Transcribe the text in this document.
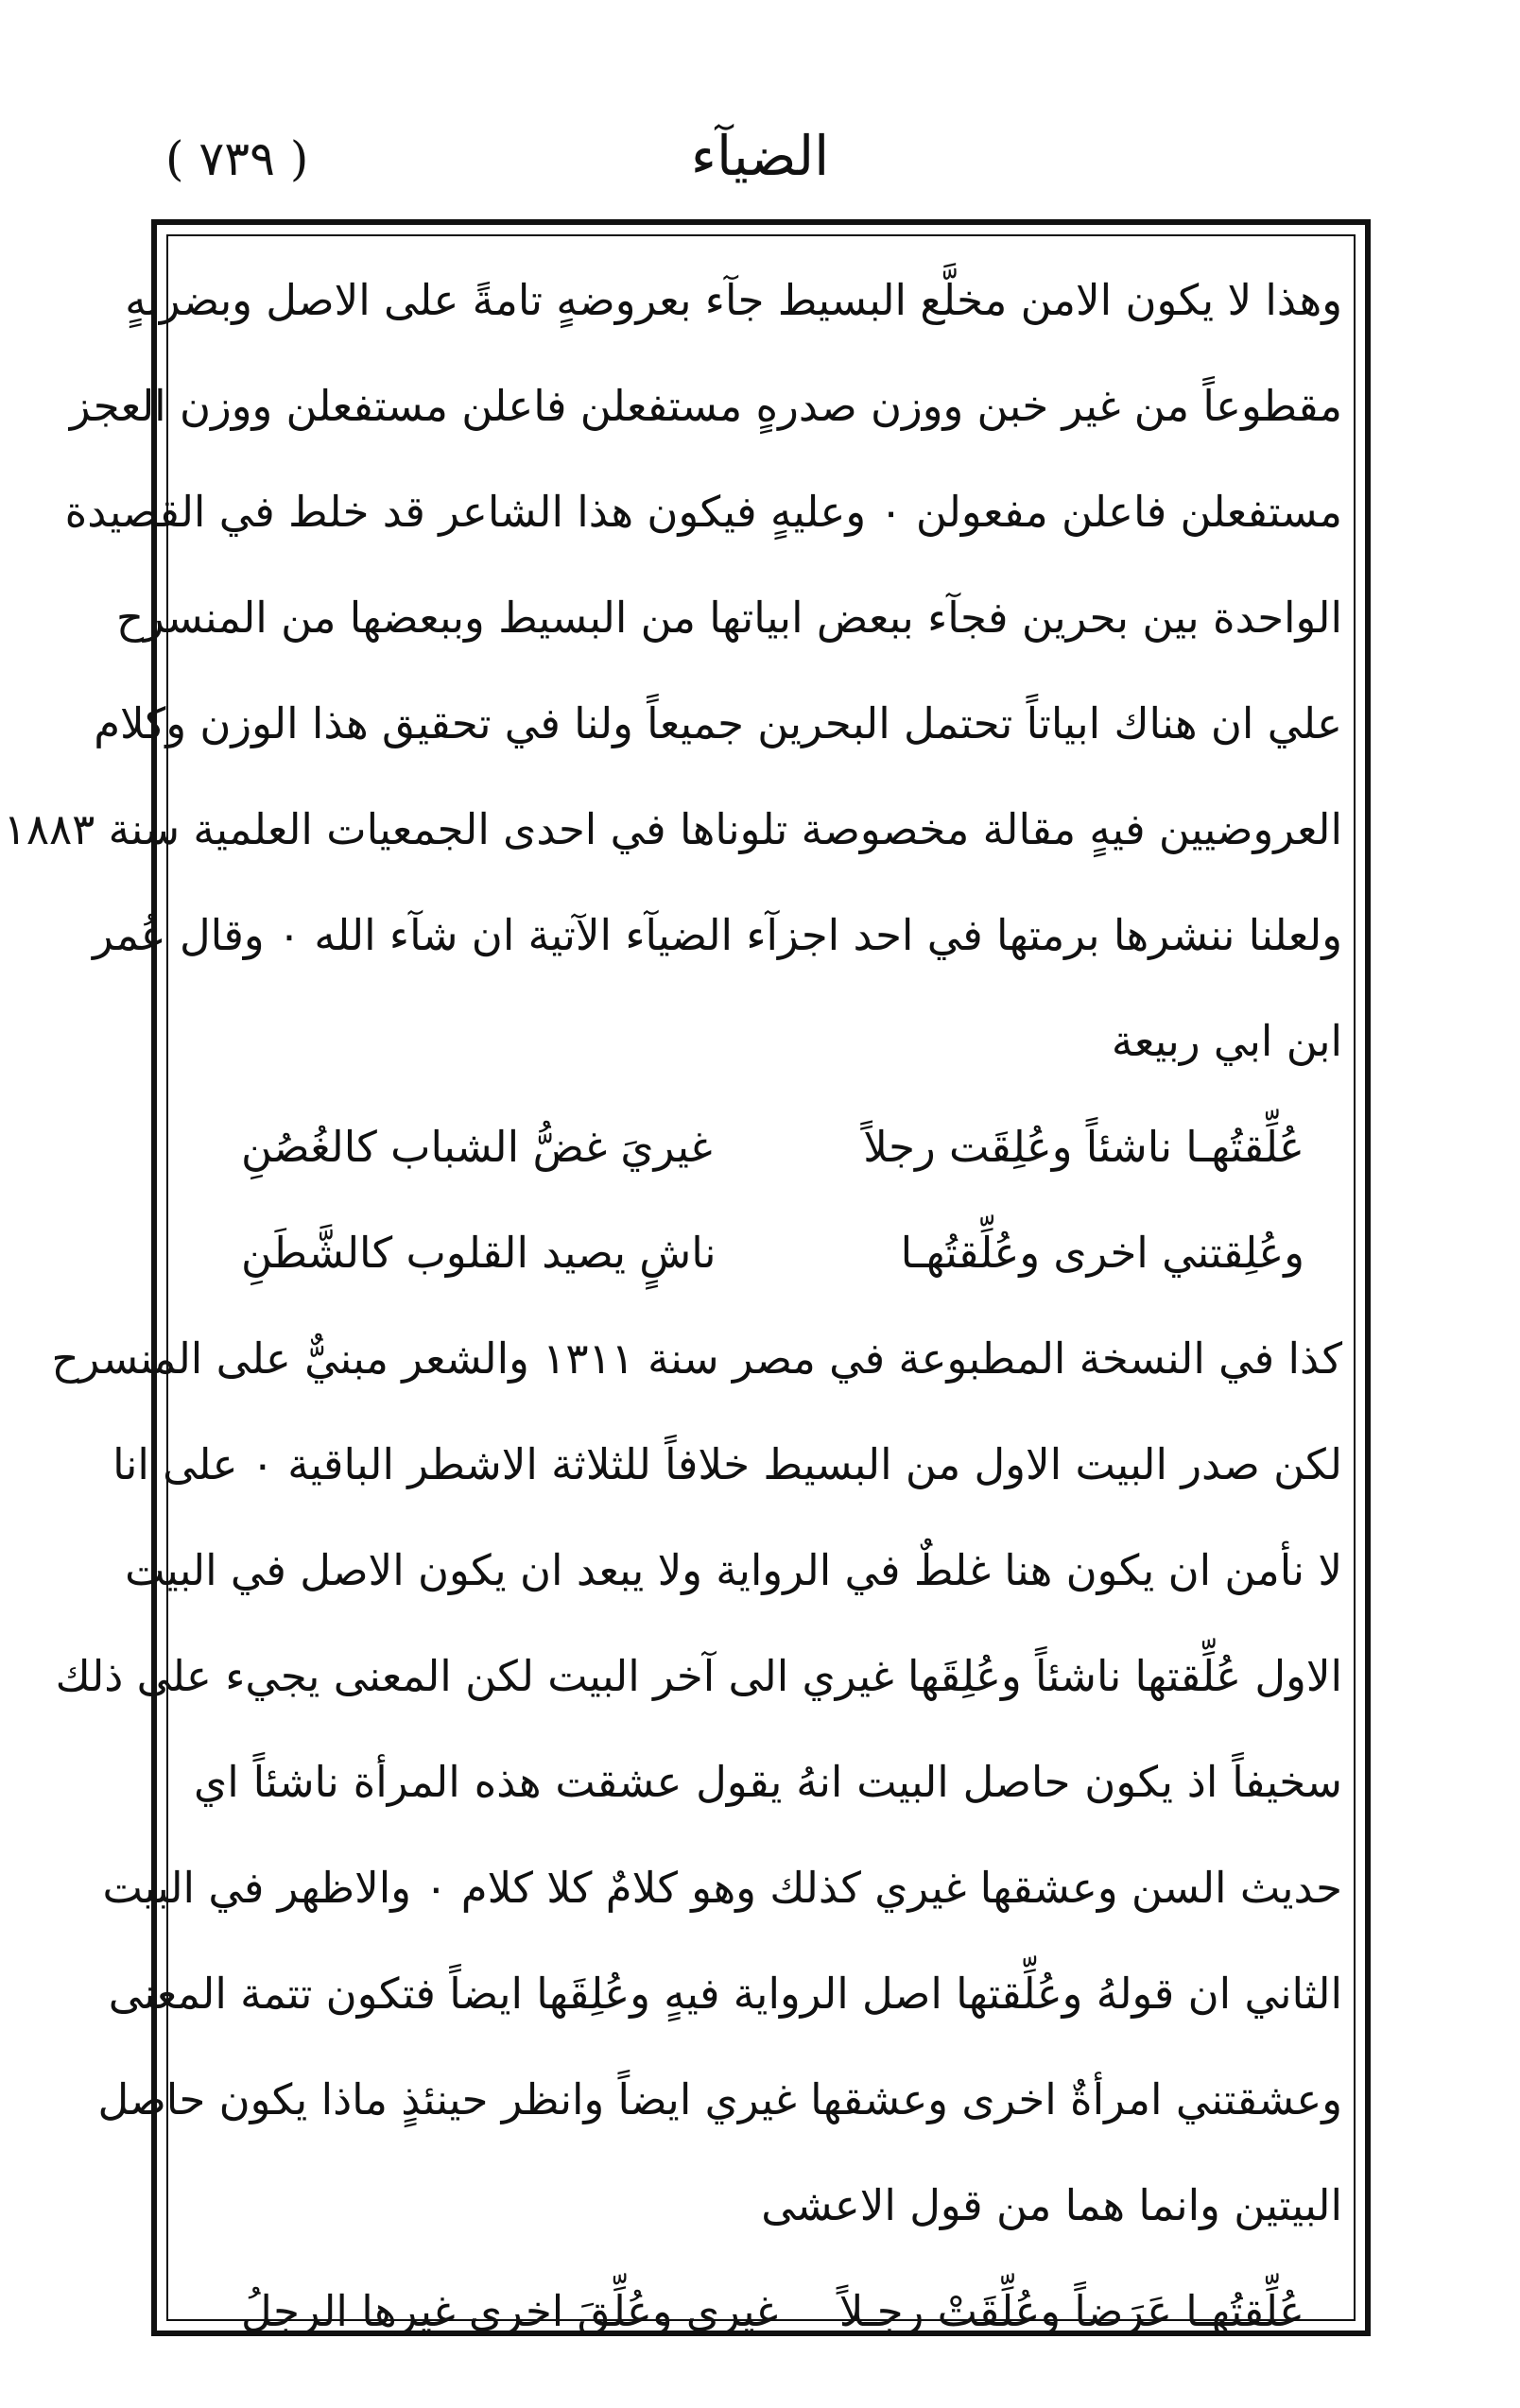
( ٧٣٩ )	الضيآء
وهذا لا يكون الامن مخلَّع البسيط جآء بعروضهٍ تامةً على الاصل وبضربهٍ
مقطوعاً من غير خبن ووزن صدرهٍ مستفعلن فاعلن مستفعلن ووزن العجز
مستفعلن فاعلن مفعولن ٠ وعليهٍ فيكون هذا الشاعر قد خلط في القصيدة
الواحدة بين بحرين فجآء ببعض ابياتها من البسيط وببعضها من المنسرح
علي ان هناك ابياتاً تحتمل البحرين جميعاً ولنا في تحقيق هذا الوزن وكلام
العروضيين فيهٍ مقالة مخصوصة تلوناها في احدى الجمعيات العلمية سنة ١٨٨٣
ولعلنا ننشرها برمتها في احد اجزآء الضيآء الآتية ان شآء الله ٠ وقال عُمر
ابن ابي ربيعة
عُلِّقتُهـا ناشئاً وعُلِقَت رجلاً
غيريَ غضُّ الشباب كالغُصُنِ
وعُلِقتني اخرى وعُلِّقتُهـا
ناشٍ يصيد القلوب كالشَّطَنِ
كذا في النسخة المطبوعة في مصر سنة ١٣١١ والشعر مبنيٌّ على المنسرح
لكن صدر البيت الاول من البسيط خلافاً للثلاثة الاشطر الباقية ٠ على انا
لا نأمن ان يكون هنا غلطٌ في الرواية ولا يبعد ان يكون الاصل في البيت
الاول عُلِّقتها ناشئاً وعُلِقَها غيري الى آخر البيت لكن المعنى يجيء على ذلك
سخيفاً اذ يكون حاصل البيت انهُ يقول عشقت هذه المرأة ناشئاً اي
حديث السن وعشقها غيري كذلك وهو كلامٌ كلا كلام ٠ والاظهر في البيت
الثاني ان قولهُ وعُلِّقتها اصل الرواية فيهٍ وعُلِقَها ايضاً فتكون تتمة المعنى
وعشقتني امرأةٌ اخرى وعشقها غيري ايضاً وانظر حينئذٍ ماذا يكون حاصل
البيتين وانما هما من قول الاعشى
عُلِّقتُهـا عَرَضاً وعُلِّقَتْ رجـلاً
غيري وعُلِّقَ اخرى غيرها الرجلُ
